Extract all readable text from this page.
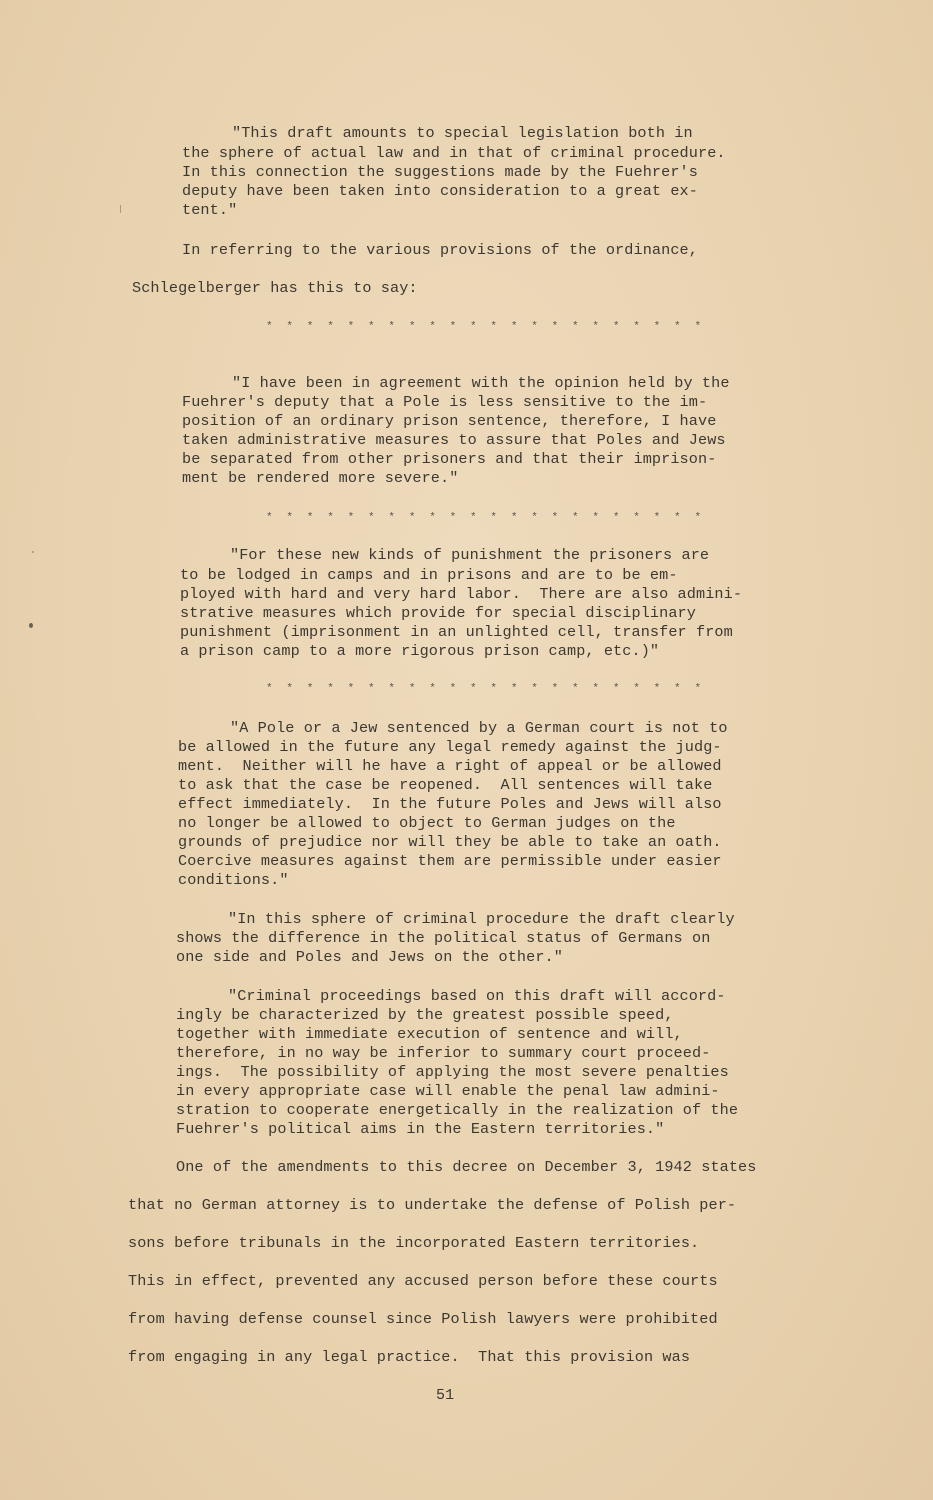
"This draft amounts to special legislation both in
the sphere of actual law and in that of criminal procedure.
In this connection the suggestions made by the Fuehrer's
deputy have been taken into consideration to a great ex-
tent."
In referring to the various provisions of the ordinance,
Schlegelberger has this to say:
* * * * * * * * * * * * * * * * * * * * * *
"I have been in agreement with the opinion held by the
Fuehrer's deputy that a Pole is less sensitive to the im-
position of an ordinary prison sentence, therefore, I have
taken administrative measures to assure that Poles and Jews
be separated from other prisoners and that their imprison-
ment be rendered more severe."
* * * * * * * * * * * * * * * * * * * * * *
"For these new kinds of punishment the prisoners are
to be lodged in camps and in prisons and are to be em-
ployed with hard and very hard labor.  There are also admini-
strative measures which provide for special disciplinary
punishment (imprisonment in an unlighted cell, transfer from
a prison camp to a more rigorous prison camp, etc.)"
* * * * * * * * * * * * * * * * * * * * * *
"A Pole or a Jew sentenced by a German court is not to
be allowed in the future any legal remedy against the judg-
ment.  Neither will he have a right of appeal or be allowed
to ask that the case be reopened.  All sentences will take
effect immediately.  In the future Poles and Jews will also
no longer be allowed to object to German judges on the
grounds of prejudice nor will they be able to take an oath.
Coercive measures against them are permissible under easier
conditions."
"In this sphere of criminal procedure the draft clearly
shows the difference in the political status of Germans on
one side and Poles and Jews on the other."
"Criminal proceedings based on this draft will accord-
ingly be characterized by the greatest possible speed,
together with immediate execution of sentence and will,
therefore, in no way be inferior to summary court proceed-
ings.  The possibility of applying the most severe penalties
in every appropriate case will enable the penal law admini-
stration to cooperate energetically in the realization of the
Fuehrer's political aims in the Eastern territories."
One of the amendments to this decree on December 3, 1942 states
that no German attorney is to undertake the defense of Polish per-
sons before tribunals in the incorporated Eastern territories.
This in effect, prevented any accused person before these courts
from having defense counsel since Polish lawyers were prohibited
from engaging in any legal practice.  That this provision was
51
